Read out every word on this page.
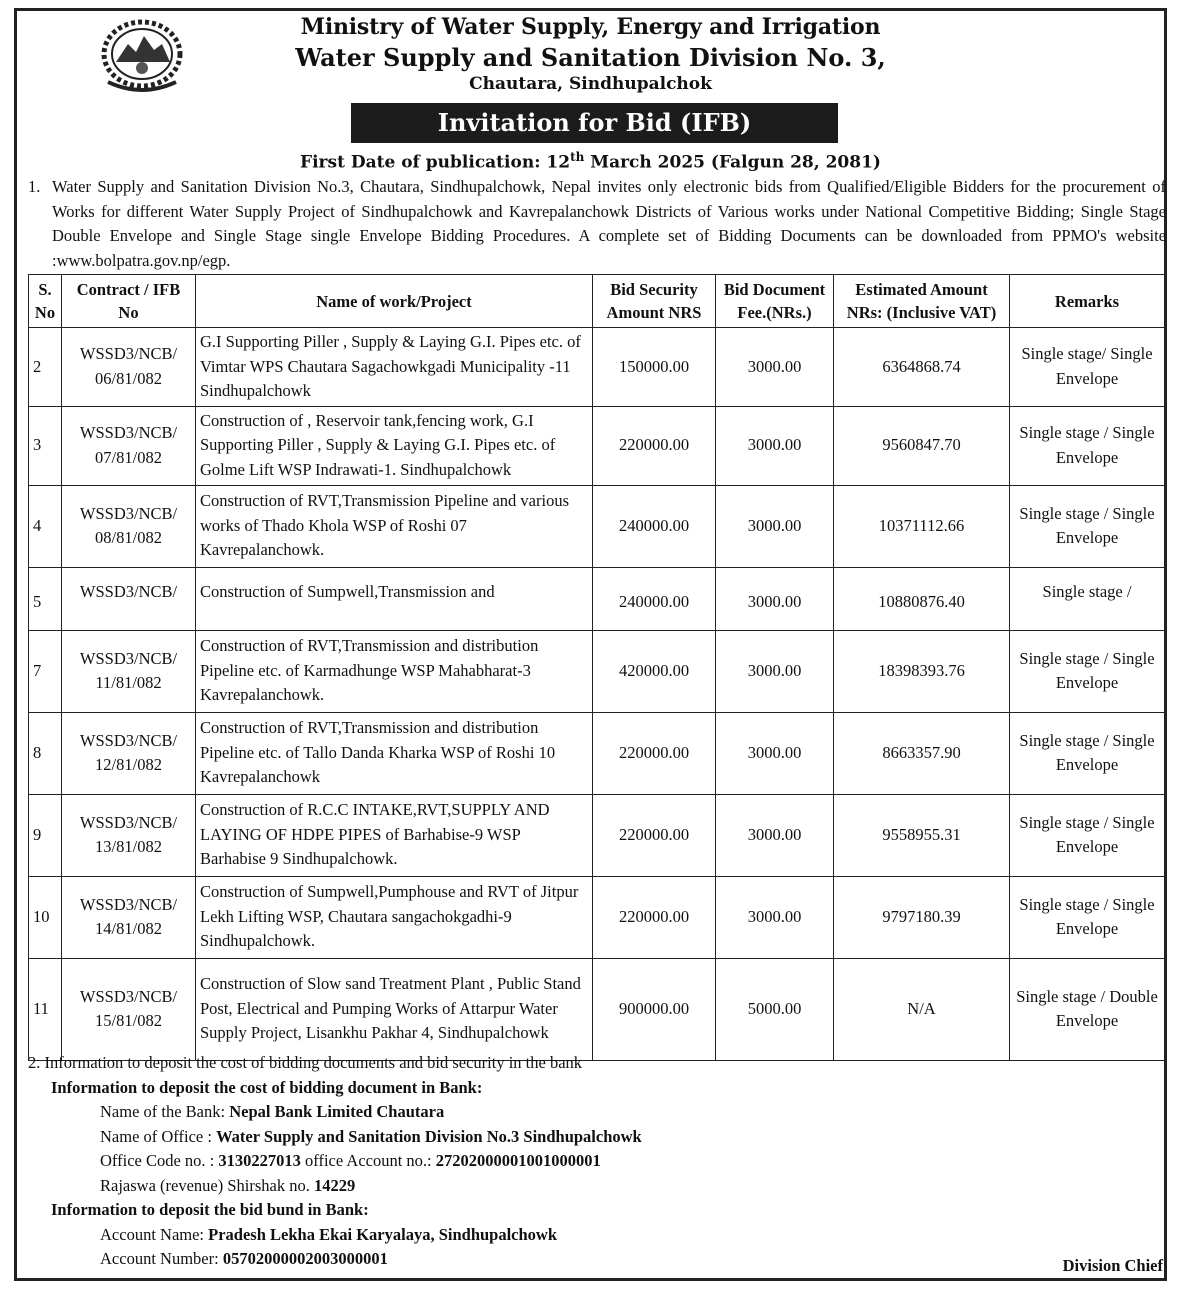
Ministry of Water Supply, Energy and Irrigation
Water Supply and Sanitation Division No. 3,
Chautara, Sindhupalchok
Invitation for Bid (IFB)
First Date of publication: 12th March 2025 (Falgun 28, 2081)
1. Water Supply and Sanitation Division No.3, Chautara, Sindhupalchowk, Nepal invites only electronic bids from Qualified/Eligible Bidders for the procurement of Works for different Water Supply Project of Sindhupalchowk and Kavrepalanchowk Districts of Various works under National Competitive Bidding; Single Stage Double Envelope and Single Stage single Envelope Bidding Procedures. A complete set of Bidding Documents can be downloaded from PPMO's website :www.bolpatra.gov.np/egp.
S. No	Contract / IFB No	Name of work/Project	Bid Security Amount NRS	Bid Document Fee.(NRs.)	Estimated Amount NRs: (Inclusive VAT)	Remarks
2	WSSD3/NCB/ 06/81/082	G.I Supporting Piller , Supply & Laying G.I. Pipes etc. of Vimtar WPS Chautara Sagachowkgadi Municipality -11 Sindhupalchowk	150000.00	3000.00	6364868.74	Single stage/ Single Envelope
3	WSSD3/NCB/ 07/81/082	Construction of , Reservoir tank,fencing work, G.I Supporting Piller , Supply & Laying G.I. Pipes etc. of Golme Lift WSP Indrawati-1. Sindhupalchowk	220000.00	3000.00	9560847.70	Single stage / Single Envelope
4	WSSD3/NCB/ 08/81/082	Construction of RVT,Transmission Pipeline and various works of Thado Khola WSP of Roshi 07 Kavrepalanchowk.	240000.00	3000.00	10371112.66	Single stage / Single Envelope

5	WSSD3/NCB/	Construction of Sumpwell,Transmission and	240000.00	3000.00	10880876.40	Single stage /

7	WSSD3/NCB/ 11/81/082	Construction of RVT,Transmission and distribution Pipeline etc. of Karmadhunge WSP Mahabharat-3 Kavrepalanchowk.	420000.00	3000.00	18398393.76	Single stage / Single Envelope
8	WSSD3/NCB/ 12/81/082	Construction of RVT,Transmission and distribution Pipeline etc. of Tallo Danda Kharka WSP of Roshi 10 Kavrepalanchowk	220000.00	3000.00	8663357.90	Single stage / Single Envelope
9	WSSD3/NCB/ 13/81/082	Construction of R.C.C INTAKE,RVT,SUPPLY AND LAYING OF HDPE PIPES of Barhabise-9 WSP Barhabise 9 Sindhupalchowk.	220000.00	3000.00	9558955.31	Single stage / Single Envelope
10	WSSD3/NCB/ 14/81/082	Construction of Sumpwell,Pumphouse and RVT of Jitpur Lekh Lifting WSP, Chautara sangachokgadhi-9 Sindhupalchowk.	220000.00	3000.00	9797180.39	Single stage / Single Envelope
11	WSSD3/NCB/ 15/81/082	Construction of Slow sand Treatment Plant , Public Stand Post, Electrical and Pumping Works of Attarpur Water Supply Project, Lisankhu Pakhar 4, Sindhupalchowk	900000.00	5000.00	N/A	Single stage / Double Envelope
2. Information to deposit the cost of bidding documents and bid security in the bank
Information to deposit the cost of bidding document in Bank:
Name of the Bank: Nepal Bank Limited Chautara
Name of Office : Water Supply and Sanitation Division No.3 Sindhupalchowk
Office Code no. : 3130227013 office Account no.: 27202000001001000001
Rajaswa (revenue) Shirshak no. 14229
Information to deposit the bid bund in Bank:
Account Name: Pradesh Lekha Ekai Karyalaya, Sindhupalchowk
Account Number: 05702000002003000001	Division Chief
